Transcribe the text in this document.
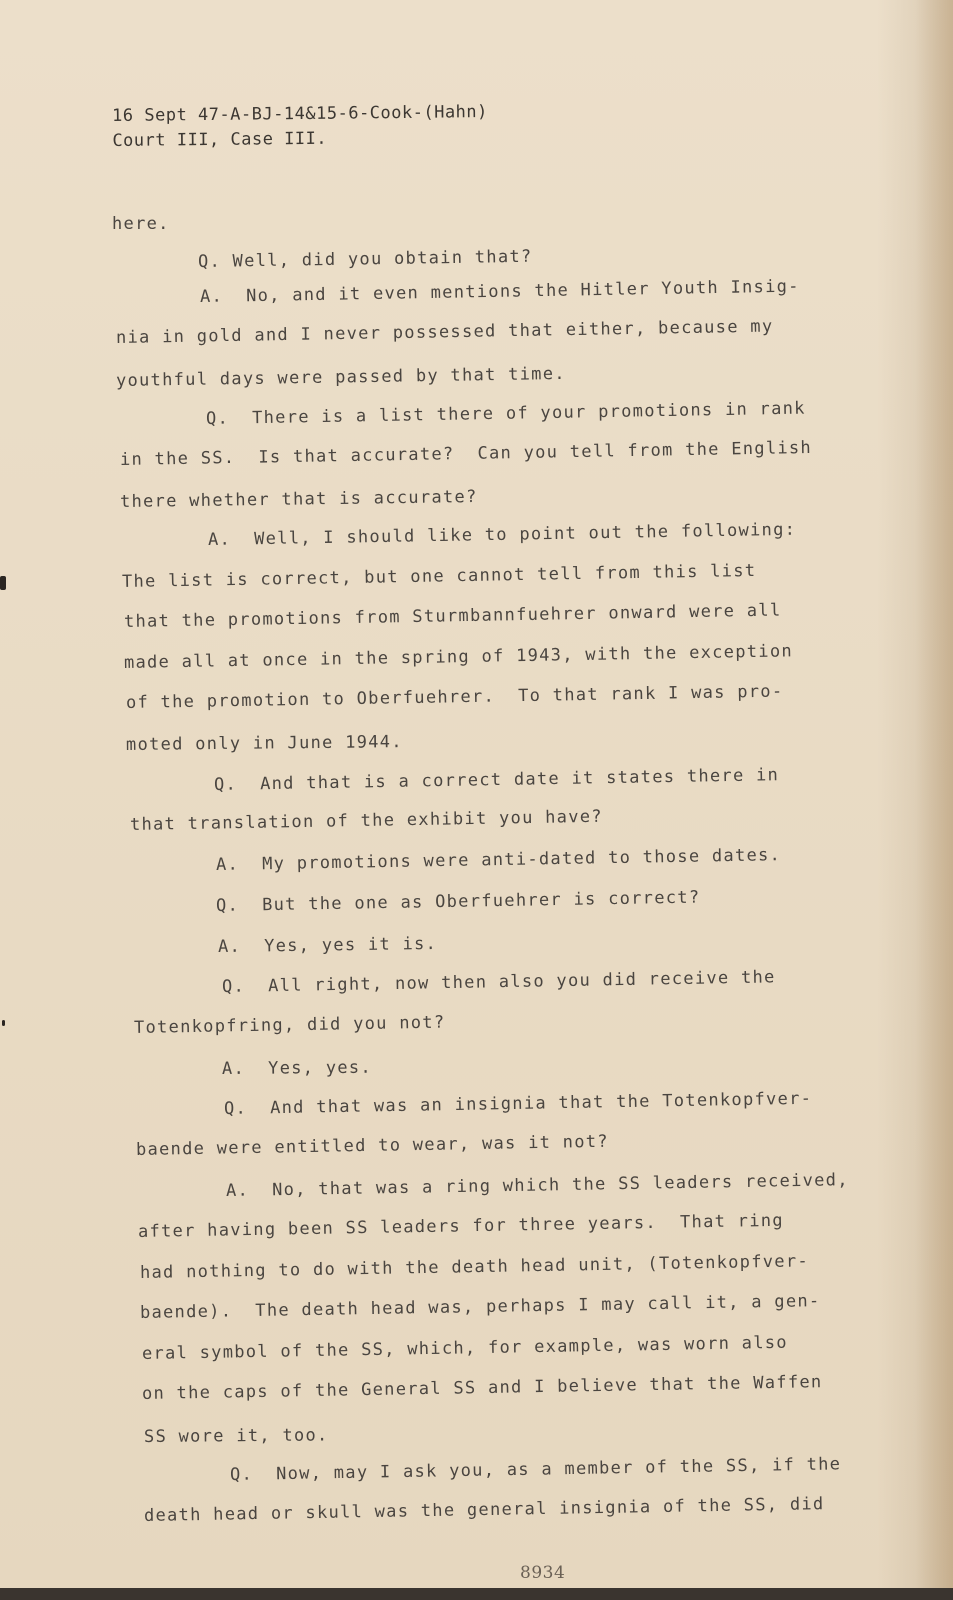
16 Sept 47-A-BJ-14&15-6-Cook-(Hahn)
Court III, Case III.
here.
Q. Well, did you obtain that?
A.  No, and it even mentions the Hitler Youth Insig-
nia in gold and I never possessed that either, because my
youthful days were passed by that time.
Q.  There is a list there of your promotions in rank
in the SS.  Is that accurate?  Can you tell from the English
there whether that is accurate?
A.  Well, I should like to point out the following:
The list is correct, but one cannot tell from this list
that the promotions from Sturmbannfuehrer onward were all
made all at once in the spring of 1943, with the exception
of the promotion to Oberfuehrer.  To that rank I was pro-
moted only in June 1944.
Q.  And that is a correct date it states there in
that translation of the exhibit you have?
A.  My promotions were anti-dated to those dates.
Q.  But the one as Oberfuehrer is correct?
A.  Yes, yes it is.
Q.  All right, now then also you did receive the
Totenkopfring, did you not?
A.  Yes, yes.
Q.  And that was an insignia that the Totenkopfver-
baende were entitled to wear, was it not?
A.  No, that was a ring which the SS leaders received,
after having been SS leaders for three years.  That ring
had nothing to do with the death head unit, (Totenkopfver-
baende).  The death head was, perhaps I may call it, a gen-
eral symbol of the SS, which, for example, was worn also
on the caps of the General SS and I believe that the Waffen
SS wore it, too.
Q.  Now, may I ask you, as a member of the SS, if the
death head or skull was the general insignia of the SS, did
8934
